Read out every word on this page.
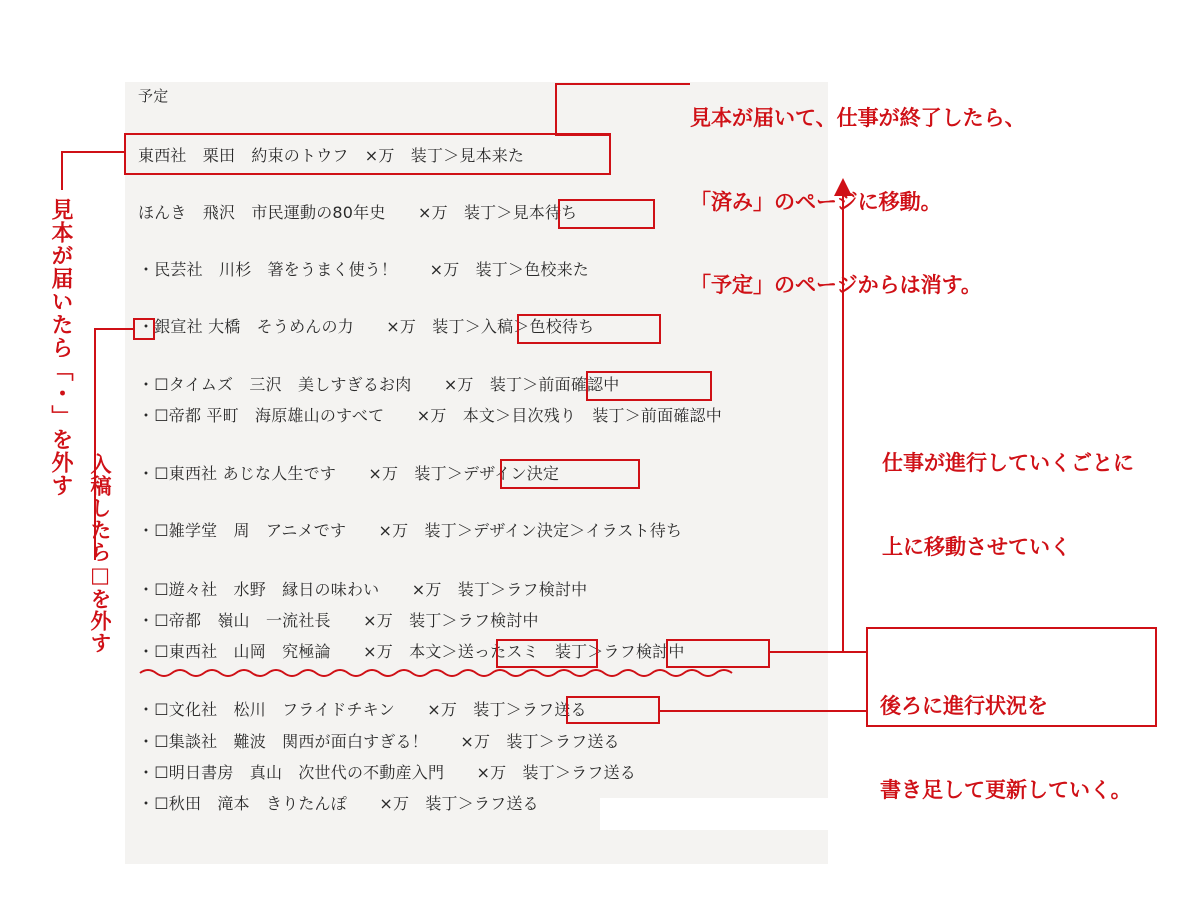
予定
東西社　栗田　約束のトウフ　×万　装丁＞見本来た
ほんき　飛沢　市民運動の80年史　　×万　装丁＞見本待ち
・民芸社　川杉　箸をうまく使う！　　×万　装丁＞色校来た
・銀宣社 大橋　そうめんの力　　×万　装丁＞入稿＞色校待ち
・☐タイムズ　三沢　美しすぎるお肉　　×万　装丁＞前面確認中
・☐帝都 平町　海原雄山のすべて　　×万　本文＞目次残り　装丁＞前面確認中
・☐東西社 あじな人生です　　×万　装丁＞デザイン決定
・☐雑学堂　周　アニメです　　×万　装丁＞デザイン決定＞イラスト待ち
・☐遊々社　水野　縁日の味わい　　×万　装丁＞ラフ検討中
・☐帝都　嶺山　一流社長　　×万　装丁＞ラフ検討中
・☐東西社　山岡　究極論　　×万　本文＞送ったスミ　装丁＞ラフ検討中
・☐文化社　松川　フライドチキン　　×万　装丁＞ラフ送る
・☐集談社　難波　関西が面白すぎる！　　×万　装丁＞ラフ送る
・☐明日書房　真山　次世代の不動産入門　　×万　装丁＞ラフ送る
・☐秋田　滝本　きりたんぽ　　×万　装丁＞ラフ送る

見本が届いて、仕事が終了したら、

「済み」のページに移動。

「予定」のページからは消す。

仕事が進行していくごとに

上に移動させていく

後ろに進行状況を

書き足して更新していく。

見本が届いたら「・」を外す
入稿したら□を外す
